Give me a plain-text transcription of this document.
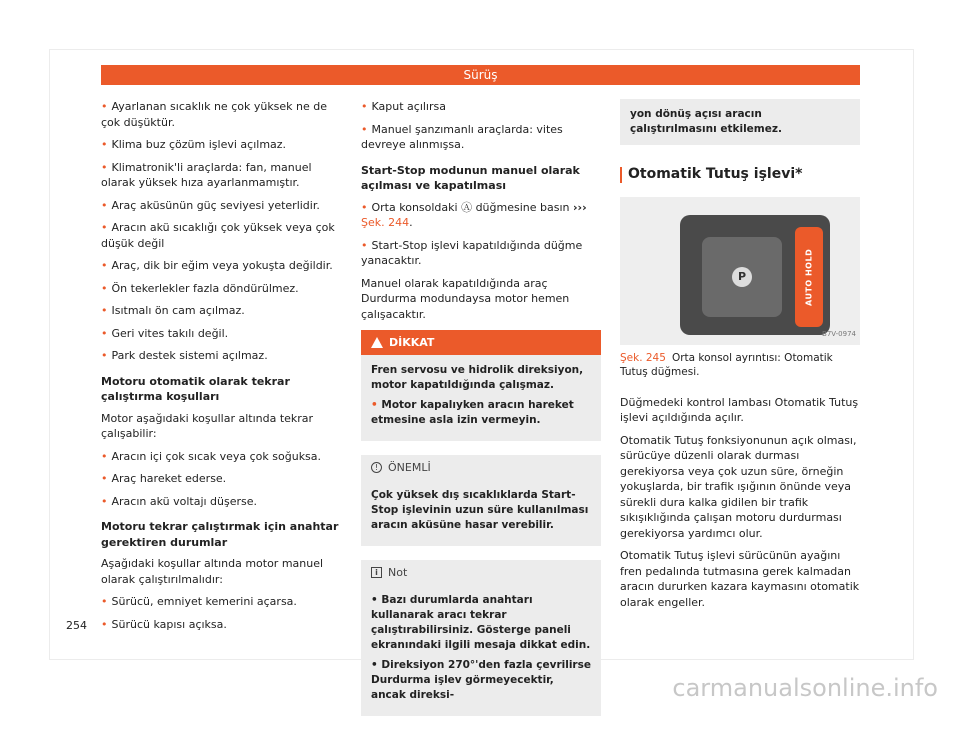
Sürüş
• Ayarlanan sıcaklık ne çok yüksek ne de çok düşüktür.
• Klima buz çözüm işlevi açılmaz.
• Klimatronik'li araçlarda: fan, manuel olarak yüksek hıza ayarlanmamıştır.
• Araç aküsünün güç seviyesi yeterlidir.
• Aracın akü sıcaklığı çok yüksek veya çok düşük değil
• Araç, dik bir eğim veya yokuşta değildir.
• Ön tekerlekler fazla döndürülmez.
• Isıtmalı ön cam açılmaz.
• Geri vites takılı değil.
• Park destek sistemi açılmaz.
Motoru otomatik olarak tekrar çalıştırma koşulları
Motor aşağıdaki koşullar altında tekrar çalışabilir:
• Aracın içi çok sıcak veya çok soğuksa.
• Araç hareket ederse.
• Aracın akü voltajı düşerse.
Motoru tekrar çalıştırmak için anahtar gerektiren durumlar
Aşağıdaki koşullar altında motor manuel olarak çalıştırılmalıdır:
• Sürücü, emniyet kemerini açarsa.
• Sürücü kapısı açıksa.
• Kaput açılırsa
• Manuel şanzımanlı araçlarda: vites devreye alınmışsa.
Start-Stop modunun manuel olarak açılması ve kapatılması
• Orta konsoldaki Ⓐ düğmesine basın ››› Şek. 244.
• Start-Stop işlevi kapatıldığında düğme yanacaktır.
Manuel olarak kapatıldığında araç Durdurma modundaysa motor hemen çalışacaktır.
DİKKAT

Fren servosu ve hidrolik direksiyon, motor kapatıldığında çalışmaz.

• Motor kapalıyken aracın hareket etmesine asla izin vermeyin.

! ÖNEMLİ

Çok yüksek dış sıcaklıklarda Start-Stop işlevinin uzun süre kullanılması aracın aküsüne hasar verebilir.

i Not

• Bazı durumlarda anahtarı kullanarak aracı tekrar çalıştırabilirsiniz. Gösterge paneli ekranındaki ilgili mesaja dikkat edin.

• Direksiyon 270°'den fazla çevrilirse Durdurma işlev görmeyecektir, ancak direksi-

yon dönüş açısı aracın çalıştırılmasını etkilemez.
Otomatik Tutuş işlevi*
P	AUTO HOLD
B7V-0974
Şek. 245 Orta konsol ayrıntısı: Otomatik Tutuş düğmesi.
Düğmedeki kontrol lambası Otomatik Tutuş işlevi açıldığında açılır.
Otomatik Tutuş fonksiyonunun açık olması, sürücüye düzenli olarak durması gerekiyorsa veya çok uzun süre, örneğin yokuşlarda, bir trafik ışığının önünde veya sürekli dura kalka gidilen bir trafik sıkışıklığında çalışan motoru durdurması gerekiyorsa yardımcı olur.
Otomatik Tutuş işlevi sürücünün ayağını fren pedalında tutmasına gerek kalmadan aracın dururken kazara kaymasını otomatik olarak engeller.
254
carmanualsonline.info
